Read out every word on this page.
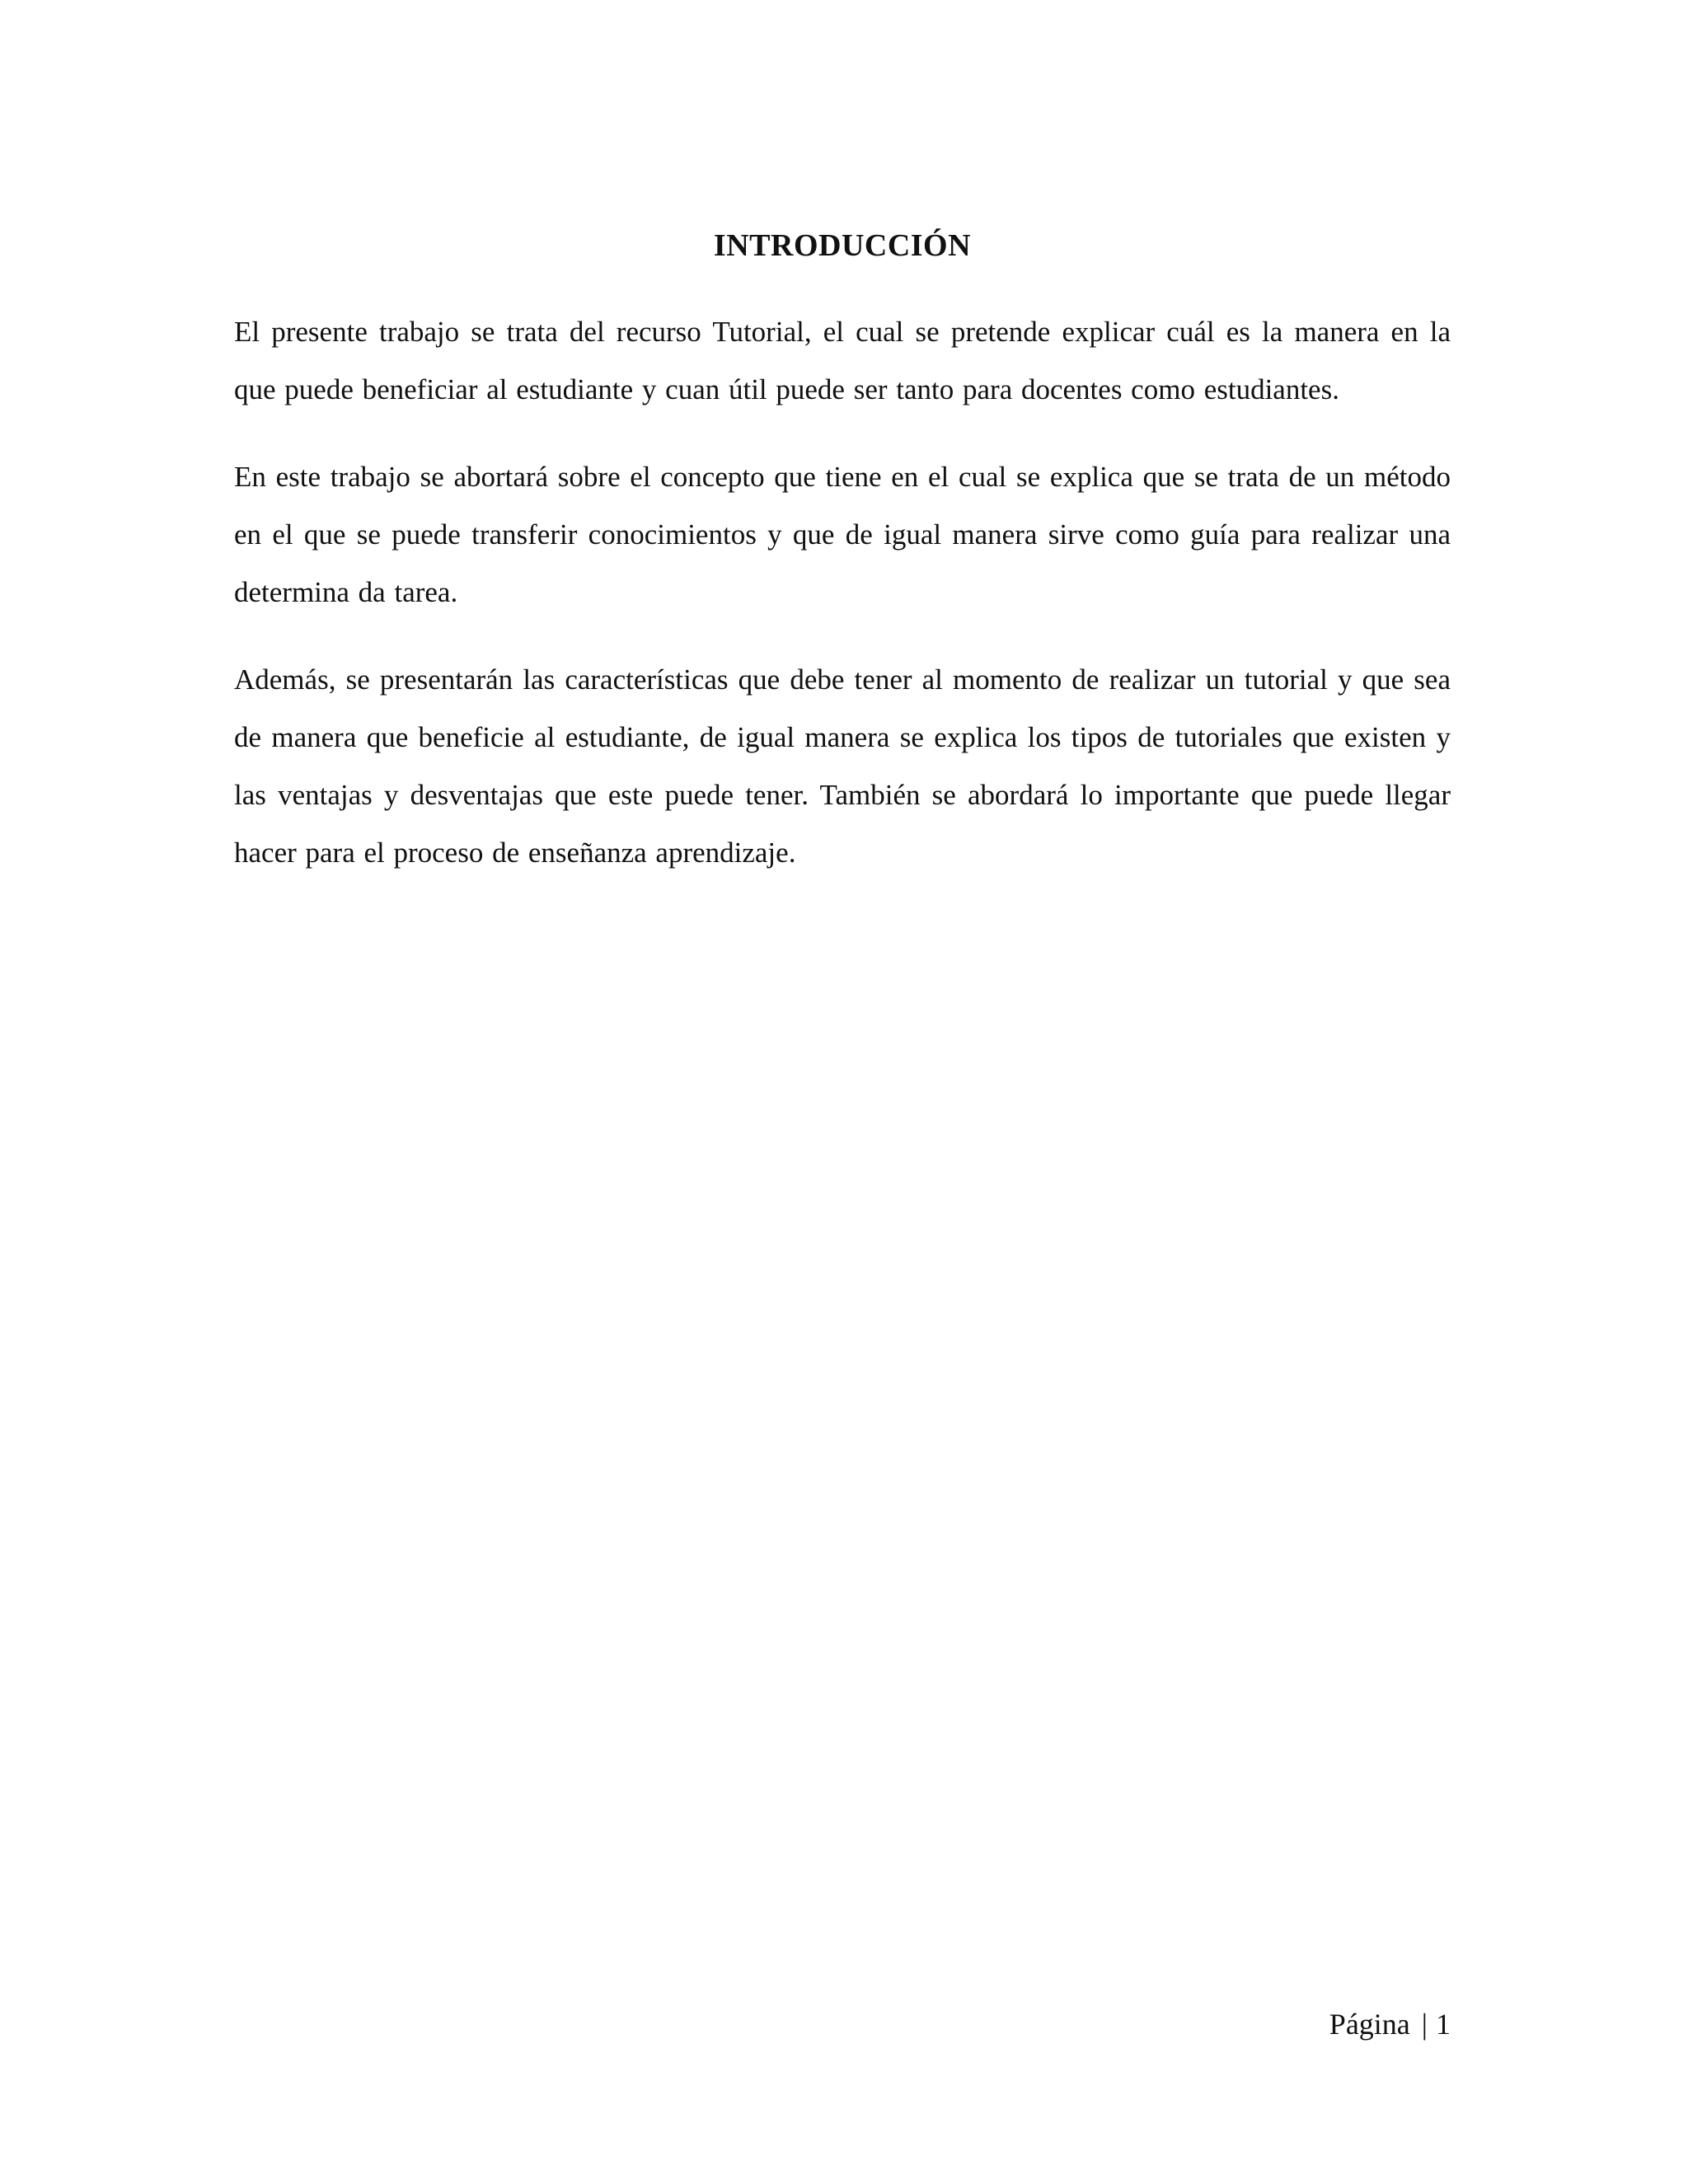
INTRODUCCIÓN

El presente trabajo se trata del recurso Tutorial, el cual se pretende explicar cuál es la manera en la que puede beneficiar al estudiante y cuan útil puede ser tanto para docentes como estudiantes.

En este trabajo se abortará sobre el concepto que tiene en el cual se explica que se trata de un método en el que se puede transferir conocimientos y que de igual manera sirve como guía para realizar una determina da tarea.

Además, se presentarán las características que debe tener al momento de realizar un tutorial y que sea de manera que beneficie al estudiante, de igual manera se explica los tipos de tutoriales que existen y las ventajas y desventajas que este puede tener. También se abordará lo importante que puede llegar hacer para el proceso de enseñanza aprendizaje.

Página | 1
